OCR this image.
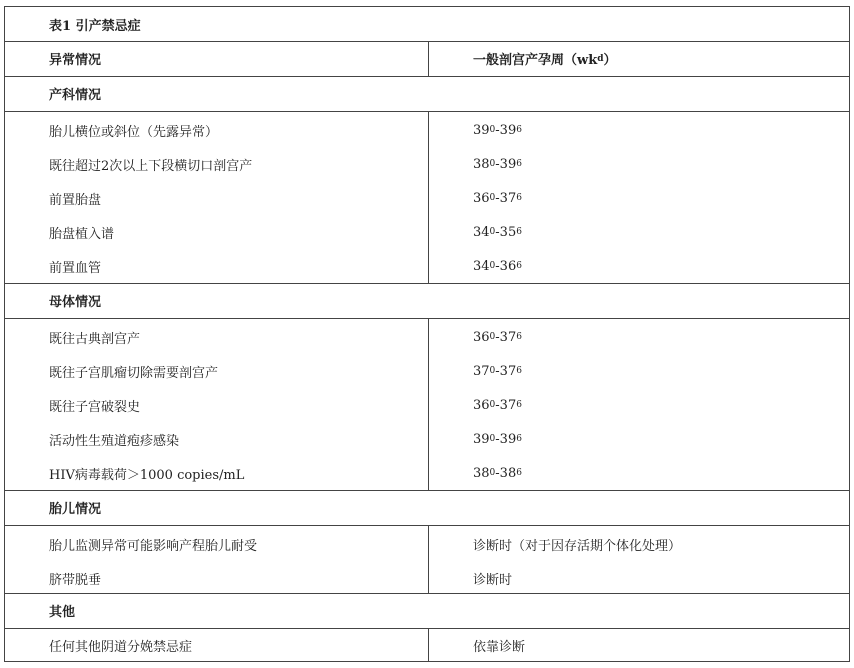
表1 引产禁忌症
异常情况	一般剖宫产孕周（wk d ）
产科情况
胎儿横位或斜位（先露异常）	39 0 -39 6
既往超过2次以上下段横切口剖宫产	38 0 -39 6
前置胎盘	36 0 -37 6
胎盘植入谱	34 0 -35 6
前置血管	34 0 -36 6
母体情况
既往古典剖宫产	36 0 -37 6
既往子宫肌瘤切除需要剖宫产	37 0 -37 6
既往子宫破裂史	36 0 -37 6
活动性生殖道疱疹感染	39 0 -39 6
HIV病毒载荷＞1000 copies/mL	38 0 -38 6
胎儿情况
胎儿监测异常可能影响产程胎儿耐受	诊断时（对于因存活期个体化处理）
脐带脱垂	诊断时
其他
任何其他阴道分娩禁忌症	依靠诊断
